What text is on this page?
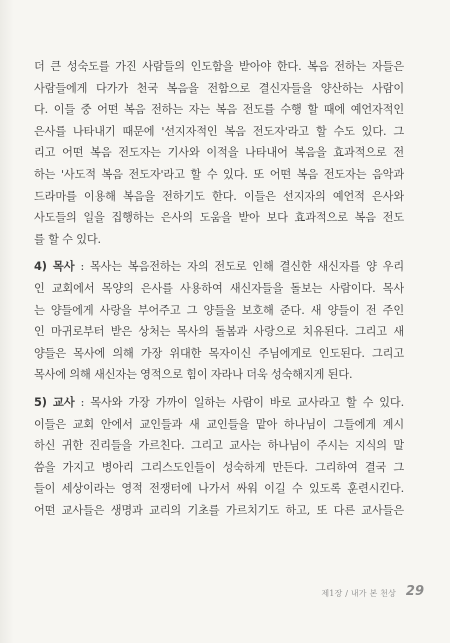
더 큰 성숙도를 가진 사람들의 인도함을 받아야 한다. 복음 전하는 자들은
사람들에게 다가가 천국 복음을 전함으로 결신자들을 양산하는 사람이
다. 이들 중 어떤 복음 전하는 자는 복음 전도를 수행 할 때에 예언자적인
은사를 나타내기 때문에 '선지자적인 복음 전도자'라고 할 수도 있다. 그
리고 어떤 복음 전도자는 기사와 이적을 나타내어 복음을 효과적으로 전
하는 '사도적 복음 전도자'라고 할 수 있다. 또 어떤 복음 전도자는 음악과
드라마를 이용해 복음을 전하기도 한다. 이들은 선지자의 예언적 은사와
사도들의 일을 집행하는 은사의 도움을 받아 보다 효과적으로 복음 전도
를 할 수 있다.
4) 목사 : 목사는 복음전하는 자의 전도로 인해 결신한 새신자를 양 우리
인 교회에서 목양의 은사를 사용하여 새신자들을 돌보는 사람이다. 목사
는 양들에게 사랑을 부어주고 그 양들을 보호해 준다. 새 양들이 전 주인
인 마귀로부터 받은 상처는 목사의 돌봄과 사랑으로 치유된다. 그리고 새
양들은 목사에 의해 가장 위대한 목자이신 주님에게로 인도된다. 그리고
목사에 의해 새신자는 영적으로 힘이 자라나 더욱 성숙해지게 된다.
5) 교사 : 목사와 가장 가까이 일하는 사람이 바로 교사라고 할 수 있다.
이들은 교회 안에서 교인들과 새 교인들을 맡아 하나님이 그들에게 계시
하신 귀한 진리들을 가르친다. 그리고 교사는 하나님이 주시는 지식의 말
씀을 가지고 병아리 그리스도인들이 성숙하게 만든다. 그리하여 결국 그
들이 세상이라는 영적 전쟁터에 나가서 싸워 이길 수 있도록 훈련시킨다.
어떤 교사들은 생명과 교리의 기초를 가르치기도 하고, 또 다른 교사들은
제1장 / 내가 본 천상 29
